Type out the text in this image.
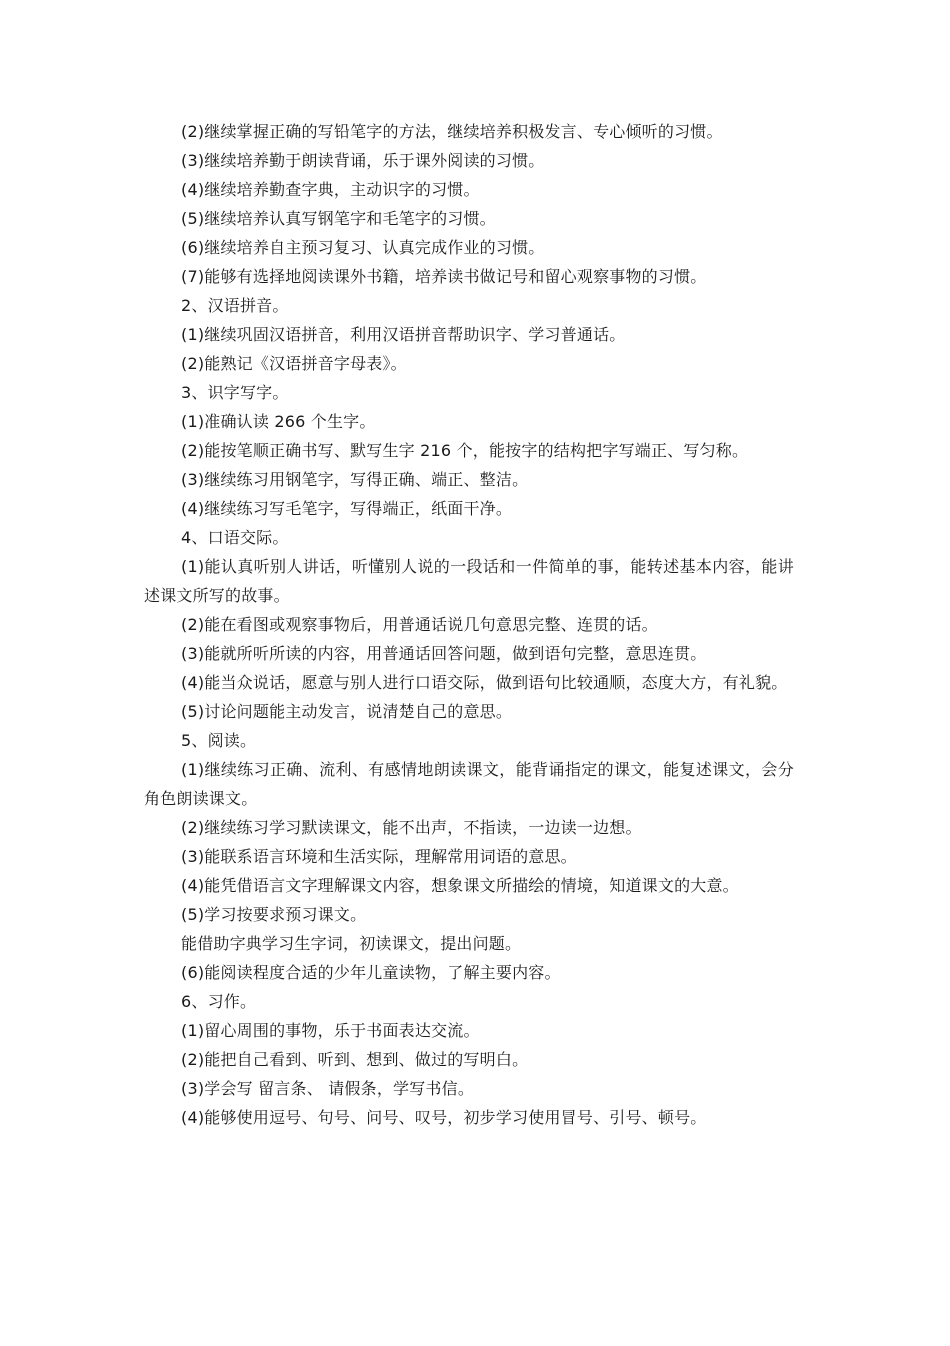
(2)继续掌握正确的写铅笔字的方法，继续培养积极发言、专心倾听的习惯。

(3)继续培养勤于朗读背诵，乐于课外阅读的习惯。

(4)继续培养勤查字典，主动识字的习惯。

(5)继续培养认真写钢笔字和毛笔字的习惯。

(6)继续培养自主预习复习、认真完成作业的习惯。

(7)能够有选择地阅读课外书籍，培养读书做记号和留心观察事物的习惯。

2、汉语拼音。

(1)继续巩固汉语拼音，利用汉语拼音帮助识字、学习普通话。

(2)能熟记《汉语拼音字母表》。

3、识字写字。

(1)准确认读 266 个生字。

(2)能按笔顺正确书写、默写生字 216 个，能按字的结构把字写端正、写匀称。

(3)继续练习用钢笔字，写得正确、端正、整洁。

(4)继续练习写毛笔字，写得端正，纸面干净。

4、口语交际。

(1)能认真听别人讲话，听懂别人说的一段话和一件简单的事，能转述基本内容，能讲述课文所写的故事。

(2)能在看图或观察事物后，用普通话说几句意思完整、连贯的话。

(3)能就所听所读的内容，用普通话回答问题，做到语句完整，意思连贯。

(4)能当众说话，愿意与别人进行口语交际，做到语句比较通顺，态度大方，有礼貌。

(5)讨论问题能主动发言，说清楚自己的意思。

5、阅读。

(1)继续练习正确、流利、有感情地朗读课文，能背诵指定的课文，能复述课文，会分角色朗读课文。

(2)继续练习学习默读课文，能不出声，不指读，一边读一边想。

(3)能联系语言环境和生活实际，理解常用词语的意思。

(4)能凭借语言文字理解课文内容，想象课文所描绘的情境，知道课文的大意。

(5)学习按要求预习课文。

能借助字典学习生字词，初读课文，提出问题。

(6)能阅读程度合适的少年儿童读物，了解主要内容。

6、习作。

(1)留心周围的事物，乐于书面表达交流。

(2)能把自己看到、听到、想到、做过的写明白。

(3)学会写 留言条、 请假条，学写书信。

(4)能够使用逗号、句号、问号、叹号，初步学习使用冒号、引号、顿号。
